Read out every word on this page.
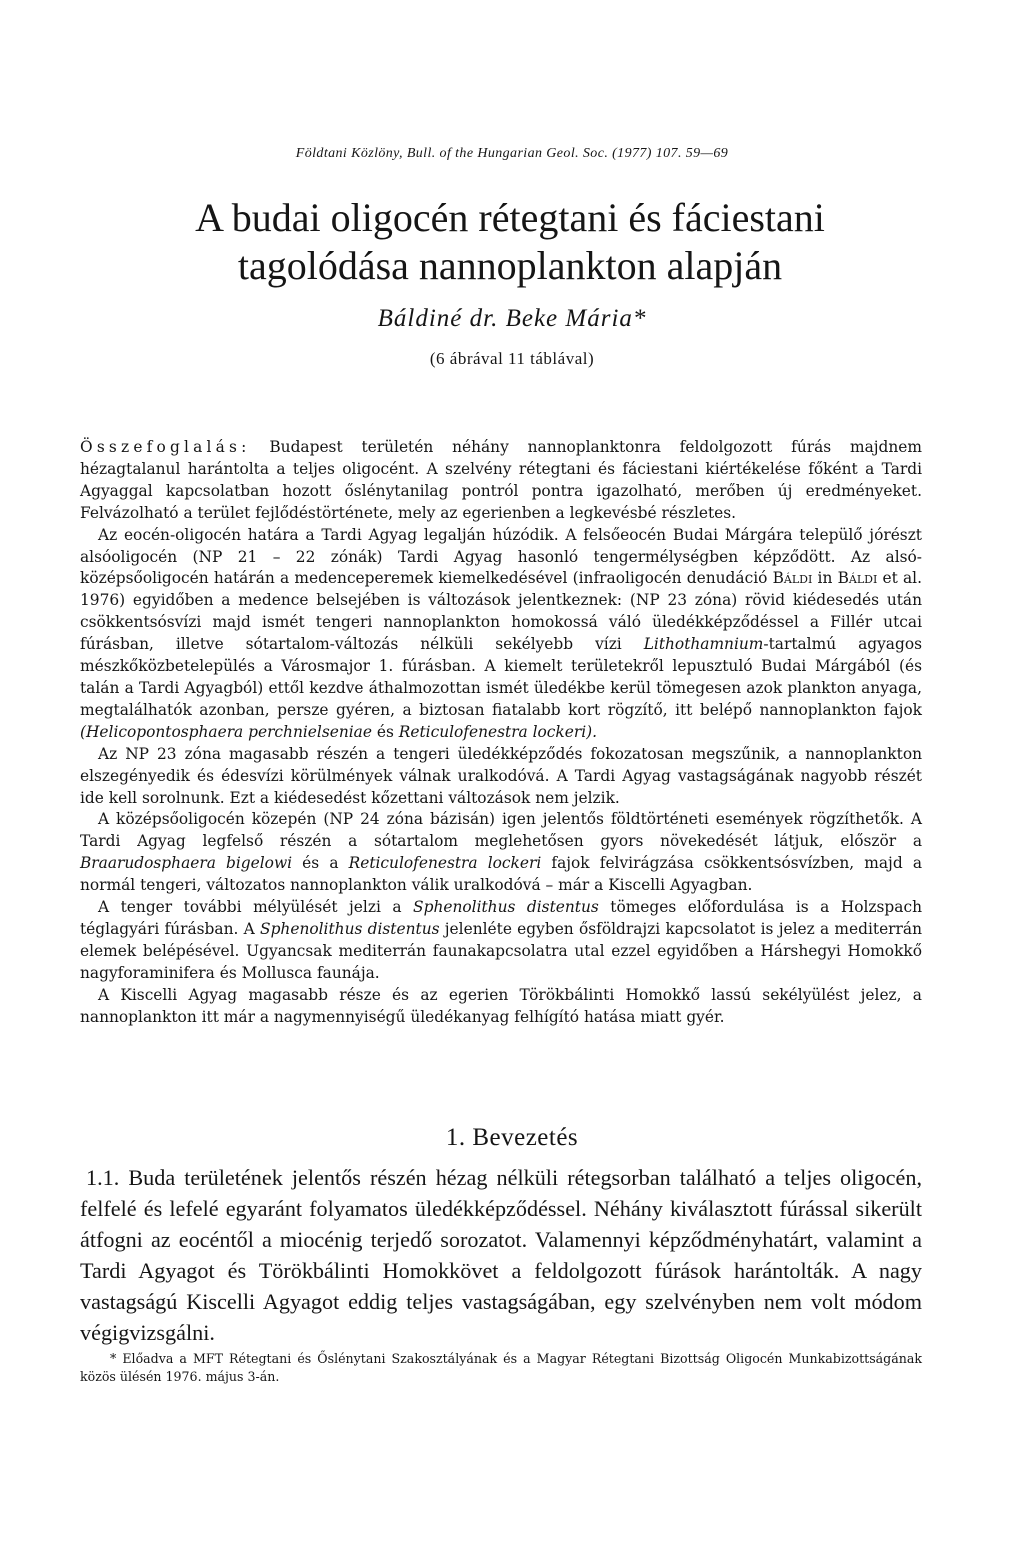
Földtani Közlöny, Bull. of the Hungarian Geol. Soc. (1977) 107. 59—69
A budai oligocén rétegtani és fáciestani
tagolódása nannoplankton alapján
Báldiné dr. Beke Mária*
(6 ábrával 11 táblával)

Összefoglalás: Budapest területén néhány nannoplanktonra feldolgozott fúrás majdnem hézagtalanul harántolta a teljes oligocént. A szelvény rétegtani és fáciestani kiértékelése főként a Tardi Agyaggal kapcsolatban hozott őslénytanilag pontról pontra igazolható, merőben új eredményeket. Felvázolható a terület fejlődéstörténete, mely az egerienben a legkevésbé részletes.

Az eocén-oligocén határa a Tardi Agyag legalján húzódik. A felsőeocén Budai Márgára települő jórészt alsóoligocén (NP 21 – 22 zónák) Tardi Agyag hasonló tengermélységben képződött. Az alsó-középsőoligocén határán a medenceperemek kiemelkedésével (infraoligocén denudáció Báldi in Báldi et al. 1976) egyidőben a medence belsejében is változások jelentkeznek: (NP 23 zóna) rövid kiédesedés után csökkentsósvízi majd ismét tengeri nannoplankton homokossá váló üledékképződéssel a Fillér utcai fúrásban, illetve sótartalom-változás nélküli sekélyebb vízi Lithothamnium-tartalmú agyagos mészkőközbetelepülés a Városmajor 1. fúrásban. A kiemelt területekről lepusztuló Budai Márgából (és talán a Tardi Agyagból) ettől kezdve áthalmozottan ismét üledékbe kerül tömegesen azok plankton anyaga, megtalálhatók azonban, persze gyéren, a biztosan fiatalabb kort rögzítő, itt belépő nannoplankton fajok (Helicopontosphaera perchnielseniae és Reticulofenestra lockeri).

Az NP 23 zóna magasabb részén a tengeri üledékképződés fokozatosan megszűnik, a nannoplankton elszegényedik és édesvízi körülmények válnak uralkodóvá. A Tardi Agyag vastagságának nagyobb részét ide kell sorolnunk. Ezt a kiédesedést kőzettani változások nem jelzik.

A középsőoligocén közepén (NP 24 zóna bázisán) igen jelentős földtörténeti események rögzíthetők. A Tardi Agyag legfelső részén a sótartalom meglehetősen gyors növekedését látjuk, először a Braarudosphaera bigelowi és a Reticulofenestra lockeri fajok felvirágzása csökkentsósvízben, majd a normál tengeri, változatos nannoplankton válik uralkodóvá – már a Kiscelli Agyagban.

A tenger további mélyülését jelzi a Sphenolithus distentus tömeges előfordulása is a Holzspach téglagyári fúrásban. A Sphenolithus distentus jelenléte egyben ősföldrajzi kapcsolatot is jelez a mediterrán elemek belépésével. Ugyancsak mediterrán faunakapcsolatra utal ezzel egyidőben a Hárshegyi Homokkő nagyforaminifera és Mollusca faunája.

A Kiscelli Agyag magasabb része és az egerien Törökbálinti Homokkő lassú sekélyülést jelez, a nannoplankton itt már a nagymennyiségű üledékanyag felhígító hatása miatt gyér.

1. Bevezetés

1.1. Buda területének jelentős részén hézag nélküli rétegsorban található a teljes oligocén, felfelé és lefelé egyaránt folyamatos üledékképződéssel. Néhány kiválasztott fúrással sikerült átfogni az eocéntől a miocénig terjedő sorozatot. Valamennyi képződményhatárt, valamint a Tardi Agyagot és Törökbálinti Homokkövet a feldolgozott fúrások harántolták. A nagy vastagságú Kiscelli Agyagot eddig teljes vastagságában, egy szelvényben nem volt módom végigvizsgálni.

* Előadva a MFT Rétegtani és Őslénytani Szakosztályának és a Magyar Rétegtani Bizottság Oligocén Munkabizottságának közös ülésén 1976. május 3-án.
